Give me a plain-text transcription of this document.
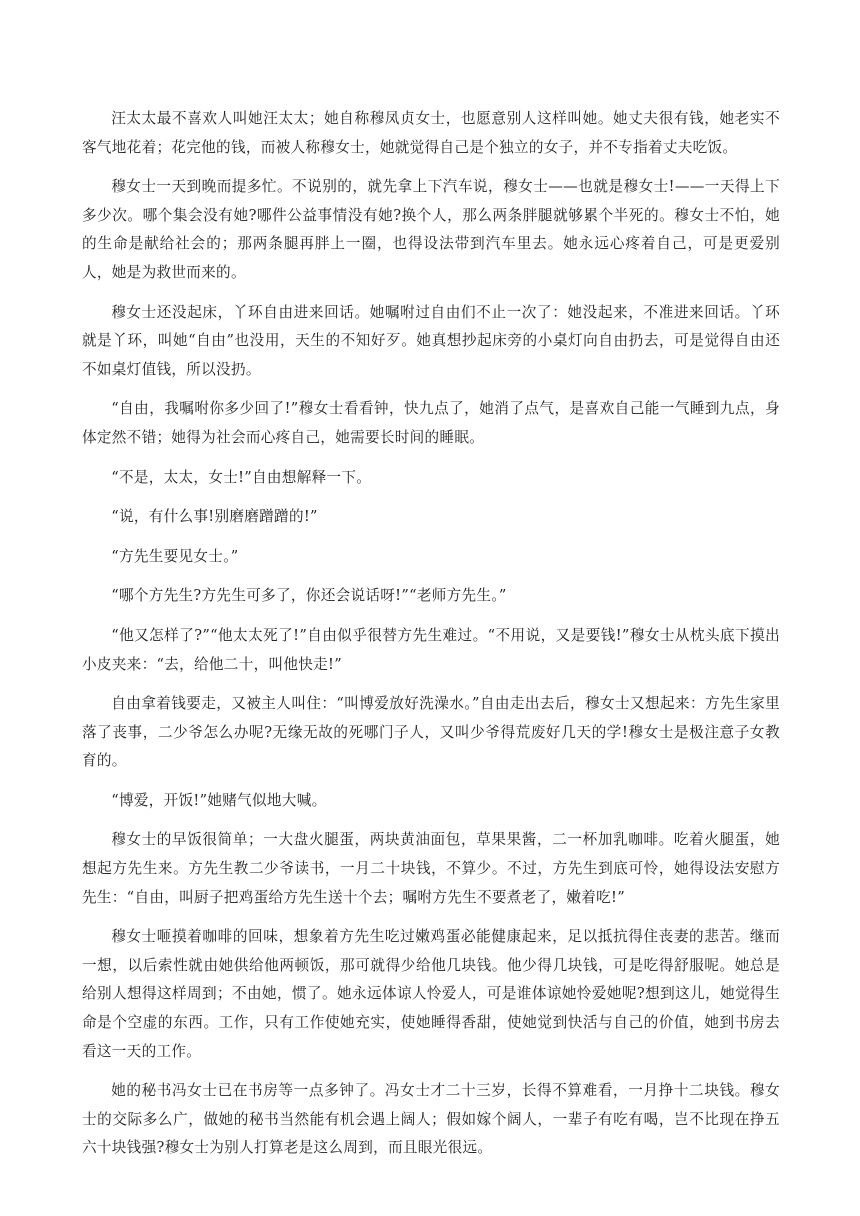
汪太太最不喜欢人叫她汪太太；她自称穆凤贞女士，也愿意别人这样叫她。她丈夫很有钱，她老实不客气地花着；花完他的钱，而被人称穆女士，她就觉得自己是个独立的女子，并不专指着丈夫吃饭。

穆女士一天到晚而提多忙。不说别的，就先拿上下汽车说，穆女士——也就是穆女士!——一天得上下多少次。哪个集会没有她?哪件公益事情没有她?换个人，那么两条胖腿就够累个半死的。穆女士不怕，她的生命是献给社会的；那两条腿再胖上一圈，也得设法带到汽车里去。她永远心疼着自己，可是更爱别人，她是为救世而来的。

穆女士还没起床，丫环自由进来回话。她嘱咐过自由们不止一次了：她没起来，不准进来回话。丫环就是丫环，叫她“自由”也没用，天生的不知好歹。她真想抄起床旁的小桌灯向自由扔去，可是觉得自由还不如桌灯值钱，所以没扔。

“自由，我嘱咐你多少回了!”穆女士看看钟，快九点了，她消了点气，是喜欢自己能一气睡到九点，身体定然不错；她得为社会而心疼自己，她需要长时间的睡眠。

“不是，太太，女士!”自由想解释一下。

“说，有什么事!别磨磨蹭蹭的!”

“方先生要见女士。”

“哪个方先生?方先生可多了，你还会说话呀!”“老师方先生。”

“他又怎样了?”“他太太死了!”自由似乎很替方先生难过。“不用说，又是要钱!”穆女士从枕头底下摸出小皮夹来：“去，给他二十，叫他快走!”

自由拿着钱要走，又被主人叫住：“叫博爱放好洗澡水。”自由走出去后，穆女士又想起来：方先生家里落了丧事，二少爷怎么办呢?无缘无故的死哪门子人，又叫少爷得荒废好几天的学!穆女士是极注意子女教育的。

“博爱，开饭!”她赌气似地大喊。

穆女士的早饭很简单；一大盘火腿蛋，两块黄油面包，草果果酱，二一杯加乳咖啡。吃着火腿蛋，她想起方先生来。方先生教二少爷读书，一月二十块钱，不算少。不过，方先生到底可怜，她得设法安慰方先生：“自由，叫厨子把鸡蛋给方先生送十个去；嘱咐方先生不要煮老了，嫩着吃!”

穆女士咂摸着咖啡的回味，想象着方先生吃过嫩鸡蛋必能健康起来，足以抵抗得住丧妻的悲苦。继而一想，以后索性就由她供给他两顿饭，那可就得少给他几块钱。他少得几块钱，可是吃得舒服呢。她总是给别人想得这样周到；不由她，惯了。她永远体谅人怜爱人，可是谁体谅她怜爱她呢?想到这儿，她觉得生命是个空虚的东西。工作，只有工作使她充实，使她睡得香甜，使她觉到快活与自己的价值，她到书房去看这一天的工作。

她的秘书冯女士已在书房等一点多钟了。冯女士才二十三岁，长得不算难看，一月挣十二块钱。穆女士的交际多么广，做她的秘书当然能有机会遇上阔人；假如嫁个阔人，一辈子有吃有喝，岂不比现在挣五六十块钱强?穆女士为别人打算老是这么周到，而且眼光很远。
